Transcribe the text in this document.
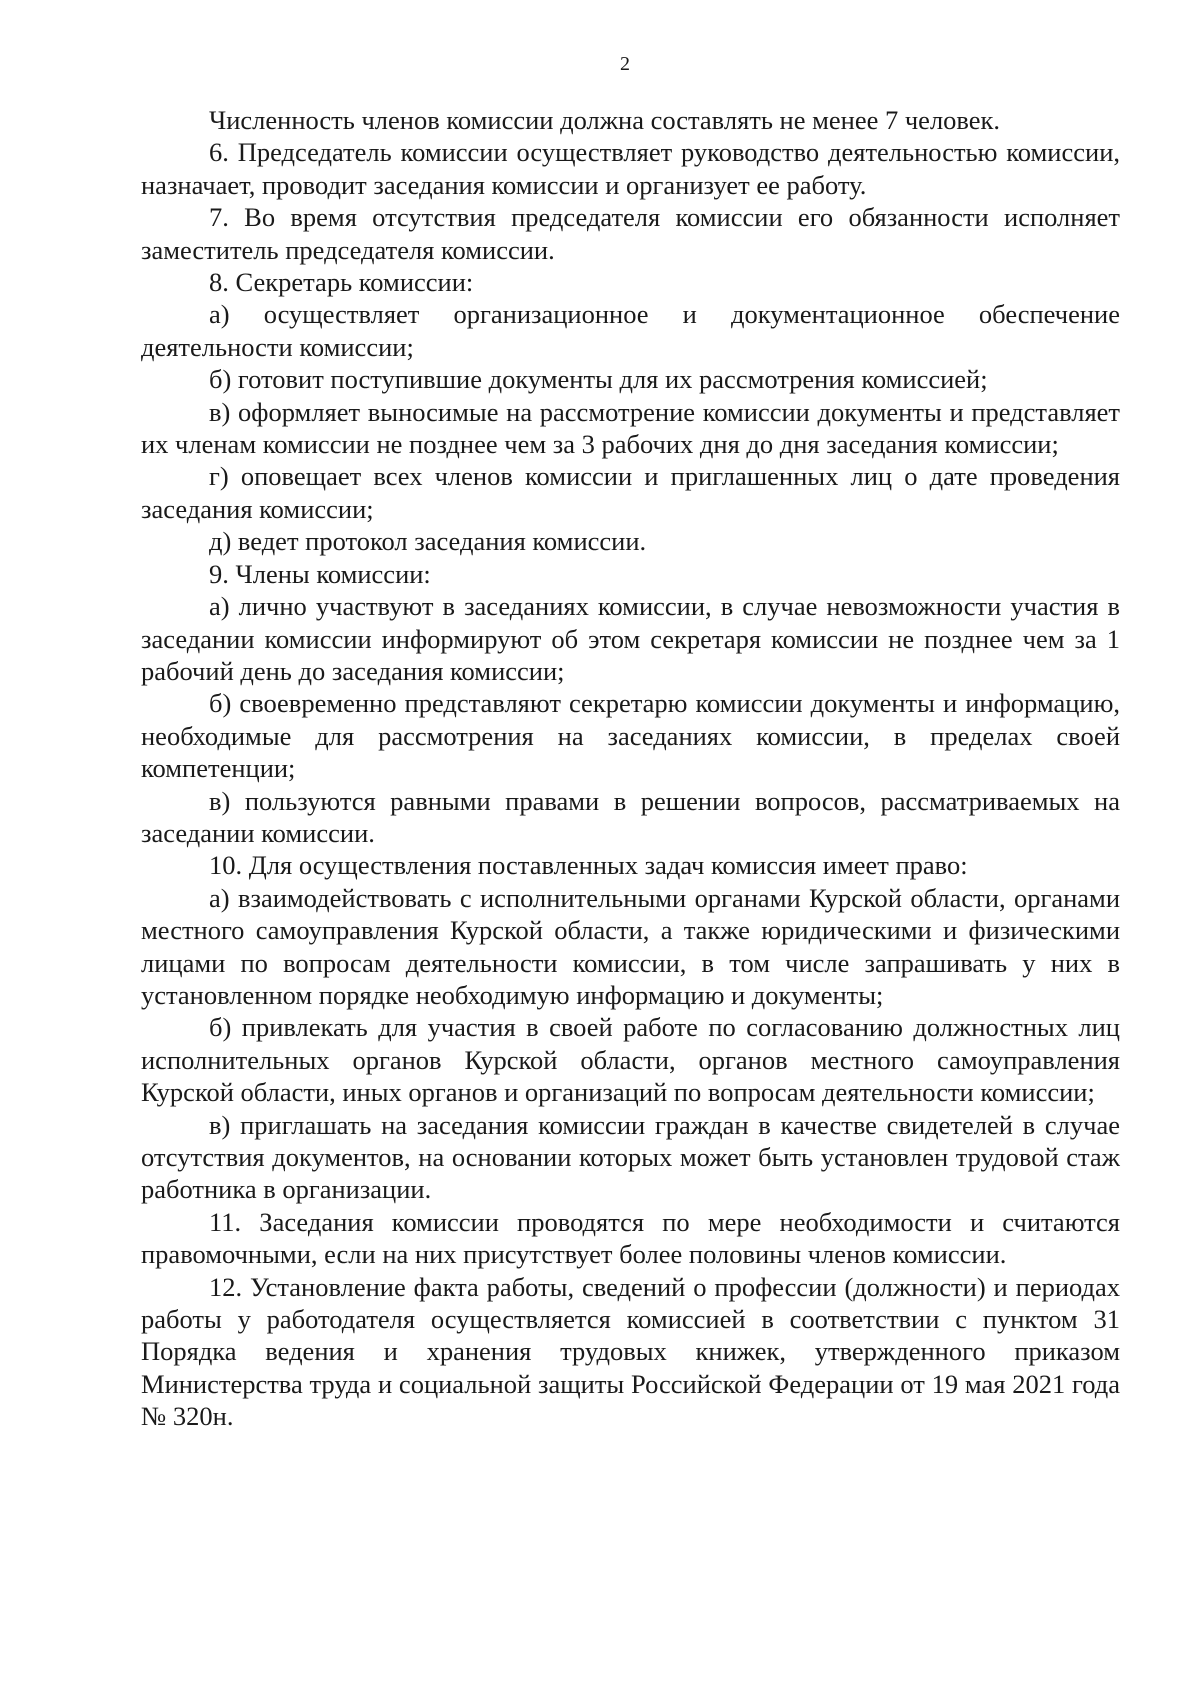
2

Численность членов комиссии должна составлять не менее 7 человек.

6. Председатель комиссии осуществляет руководство деятельностью комиссии, назначает, проводит заседания комиссии и организует ее работу.

7. Во время отсутствия председателя комиссии его обязанности исполняет заместитель председателя комиссии.

8. Секретарь комиссии:

а) осуществляет организационное и документационное обеспечение деятельности комиссии;

б) готовит поступившие документы для их рассмотрения комиссией;

в) оформляет выносимые на рассмотрение комиссии документы и представляет их членам комиссии не позднее чем за 3 рабочих дня до дня заседания комиссии;

г) оповещает всех членов комиссии и приглашенных лиц о дате проведения заседания комиссии;

д) ведет протокол заседания комиссии.

9. Члены комиссии:

а) лично участвуют в заседаниях комиссии, в случае невозможности участия в заседании комиссии информируют об этом секретаря комиссии не позднее чем за 1 рабочий день до заседания комиссии;

б) своевременно представляют секретарю комиссии документы и информацию, необходимые для рассмотрения на заседаниях комиссии, в пределах своей компетенции;

в) пользуются равными правами в решении вопросов, рассматриваемых на заседании комиссии.

10. Для осуществления поставленных задач комиссия имеет право:

а) взаимодействовать с исполнительными органами Курской области, органами местного самоуправления Курской области, а также юридическими и физическими лицами по вопросам деятельности комиссии, в том числе запрашивать у них в установленном порядке необходимую информацию и документы;

б) привлекать для участия в своей работе по согласованию должностных лиц исполнительных органов Курской области, органов местного самоуправления Курской области, иных органов и организаций по вопросам деятельности комиссии;

в) приглашать на заседания комиссии граждан в качестве свидетелей в случае отсутствия документов, на основании которых может быть установлен трудовой стаж работника в организации.

11. Заседания комиссии проводятся по мере необходимости и считаются правомочными, если на них присутствует более половины членов комиссии.

12. Установление факта работы, сведений о профессии (должности) и периодах работы у работодателя осуществляется комиссией в соответствии с пунктом 31 Порядка ведения и хранения трудовых книжек, утвержденного приказом Министерства труда и социальной защиты Российской Федерации от 19 мая 2021 года № 320н.
